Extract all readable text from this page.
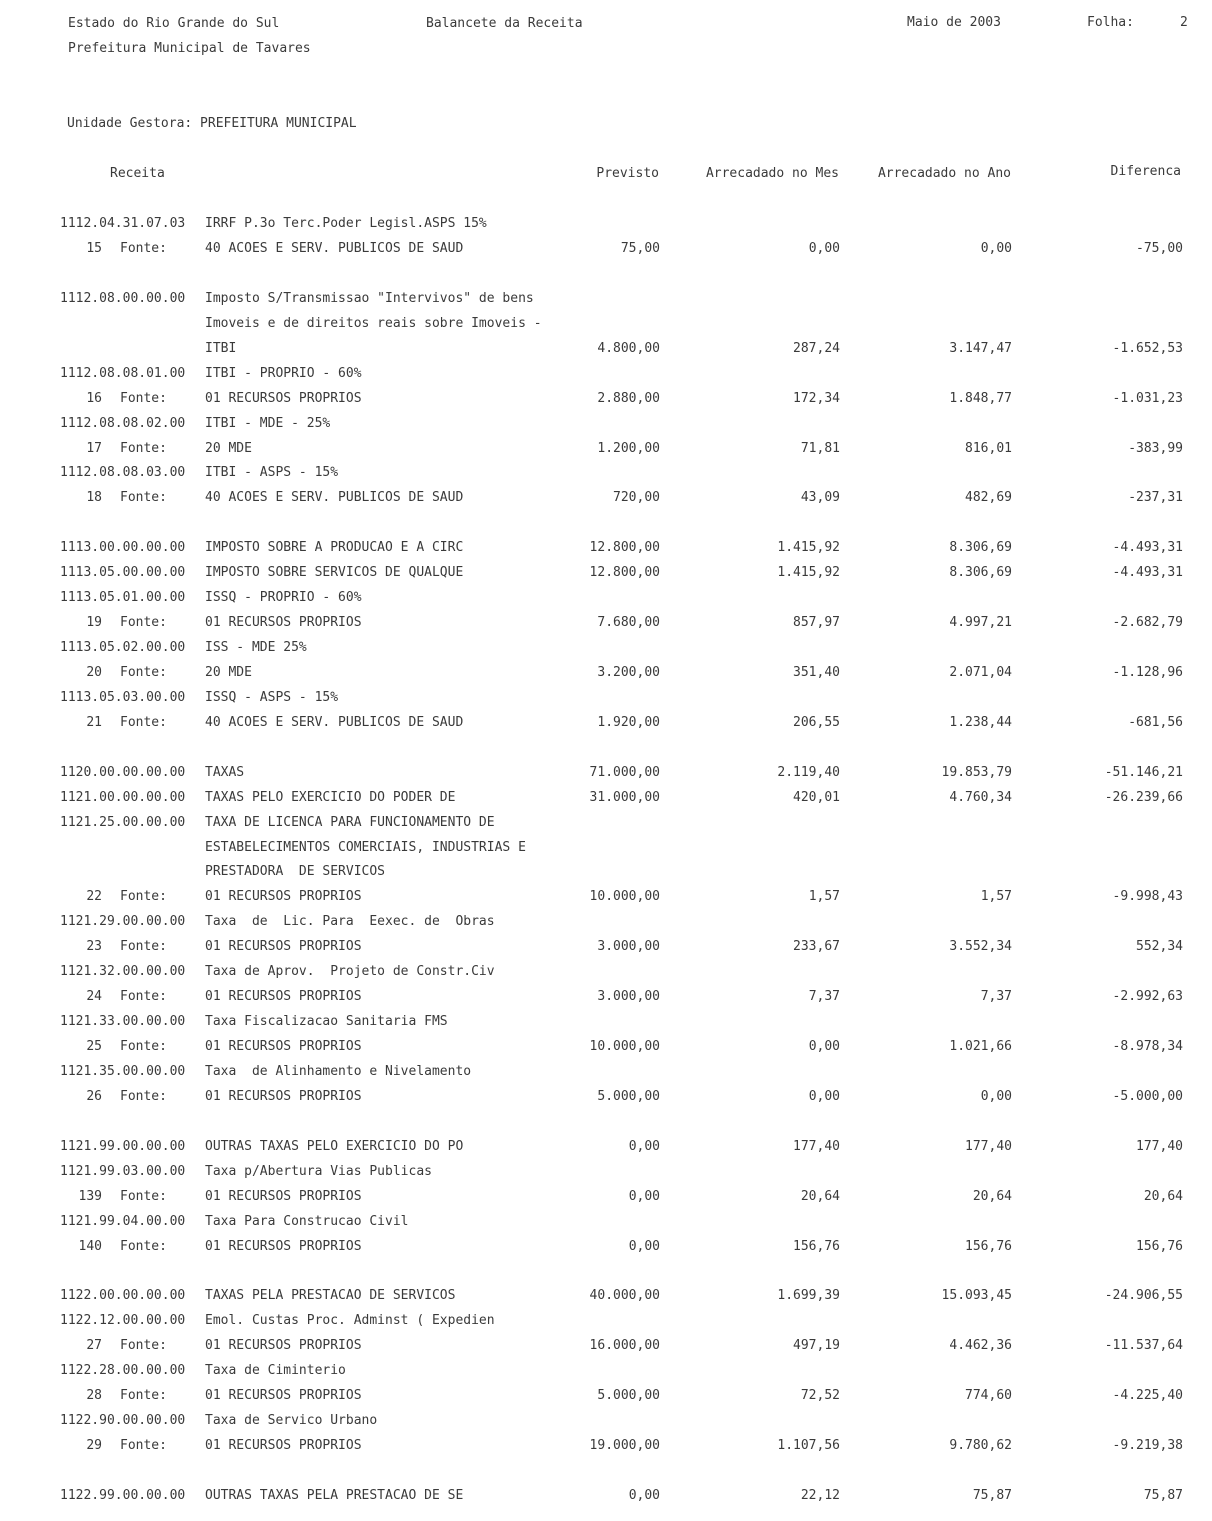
Estado do Rio Grande do Sul
Prefeitura Municipal de Tavares
Balancete da Receita	Maio de 2003	Folha:	2
Unidade Gestora: PREFEITURA MUNICIPAL
Receita	Previsto	Arrecadado no Mes	Arrecadado no Ano	Diferenca
1112.04.31.07.03 IRRF P.3o Terc.Poder Legisl.ASPS 15%
15 Fonte:	40 ACOES E SERV. PUBLICOS DE SAUD	75,00	0,00	0,00	-75,00
1112.08.00.00.00 Imposto S/Transmissao "Intervivos" de bens
Imoveis e de direitos reais sobre Imoveis -
ITBI	4.800,00	287,24	3.147,47	-1.652,53
1112.08.08.01.00 ITBI - PROPRIO - 60%
16 Fonte:	01 RECURSOS PROPRIOS	2.880,00	172,34	1.848,77	-1.031,23
1112.08.08.02.00 ITBI - MDE - 25%
17 Fonte:	20 MDE	1.200,00	71,81	816,01	-383,99
1112.08.08.03.00 ITBI - ASPS - 15%
18 Fonte:	40 ACOES E SERV. PUBLICOS DE SAUD	720,00	43,09	482,69	-237,31
1113.00.00.00.00 IMPOSTO SOBRE A PRODUCAO E A CIRC	12.800,00	1.415,92	8.306,69	-4.493,31
1113.05.00.00.00 IMPOSTO SOBRE SERVICOS DE QUALQUE	12.800,00	1.415,92	8.306,69	-4.493,31
1113.05.01.00.00 ISSQ - PROPRIO - 60%
19 Fonte:	01 RECURSOS PROPRIOS	7.680,00	857,97	4.997,21	-2.682,79
1113.05.02.00.00 ISS - MDE 25%
20 Fonte:	20 MDE	3.200,00	351,40	2.071,04	-1.128,96
1113.05.03.00.00 ISSQ - ASPS - 15%
21 Fonte:	40 ACOES E SERV. PUBLICOS DE SAUD	1.920,00	206,55	1.238,44	-681,56
1120.00.00.00.00 TAXAS	71.000,00	2.119,40	19.853,79	-51.146,21
1121.00.00.00.00 TAXAS PELO EXERCICIO DO PODER DE	31.000,00	420,01	4.760,34	-26.239,66
1121.25.00.00.00 TAXA DE LICENCA PARA FUNCIONAMENTO DE
ESTABELECIMENTOS COMERCIAIS, INDUSTRIAS E
PRESTADORA  DE SERVICOS
22 Fonte:	01 RECURSOS PROPRIOS	10.000,00	1,57	1,57	-9.998,43
1121.29.00.00.00 Taxa  de  Lic. Para  Eexec. de  Obras
23 Fonte:	01 RECURSOS PROPRIOS	3.000,00	233,67	3.552,34	552,34
1121.32.00.00.00 Taxa de Aprov.  Projeto de Constr.Civ
24 Fonte:	01 RECURSOS PROPRIOS	3.000,00	7,37	7,37	-2.992,63
1121.33.00.00.00 Taxa Fiscalizacao Sanitaria FMS
25 Fonte:	01 RECURSOS PROPRIOS	10.000,00	0,00	1.021,66	-8.978,34
1121.35.00.00.00 Taxa  de Alinhamento e Nivelamento
26 Fonte:	01 RECURSOS PROPRIOS	5.000,00	0,00	0,00	-5.000,00
1121.99.00.00.00 OUTRAS TAXAS PELO EXERCICIO DO PO	0,00	177,40	177,40	177,40
1121.99.03.00.00 Taxa p/Abertura Vias Publicas
139 Fonte:	01 RECURSOS PROPRIOS	0,00	20,64	20,64	20,64
1121.99.04.00.00 Taxa Para Construcao Civil
140 Fonte:	01 RECURSOS PROPRIOS	0,00	156,76	156,76	156,76
1122.00.00.00.00 TAXAS PELA PRESTACAO DE SERVICOS	40.000,00	1.699,39	15.093,45	-24.906,55
1122.12.00.00.00 Emol. Custas Proc. Adminst ( Expedien
27 Fonte:	01 RECURSOS PROPRIOS	16.000,00	497,19	4.462,36	-11.537,64
1122.28.00.00.00 Taxa de Ciminterio
28 Fonte:	01 RECURSOS PROPRIOS	5.000,00	72,52	774,60	-4.225,40
1122.90.00.00.00 Taxa de Servico Urbano
29 Fonte:	01 RECURSOS PROPRIOS	19.000,00	1.107,56	9.780,62	-9.219,38
1122.99.00.00.00 OUTRAS TAXAS PELA PRESTACAO DE SE	0,00	22,12	75,87	75,87
